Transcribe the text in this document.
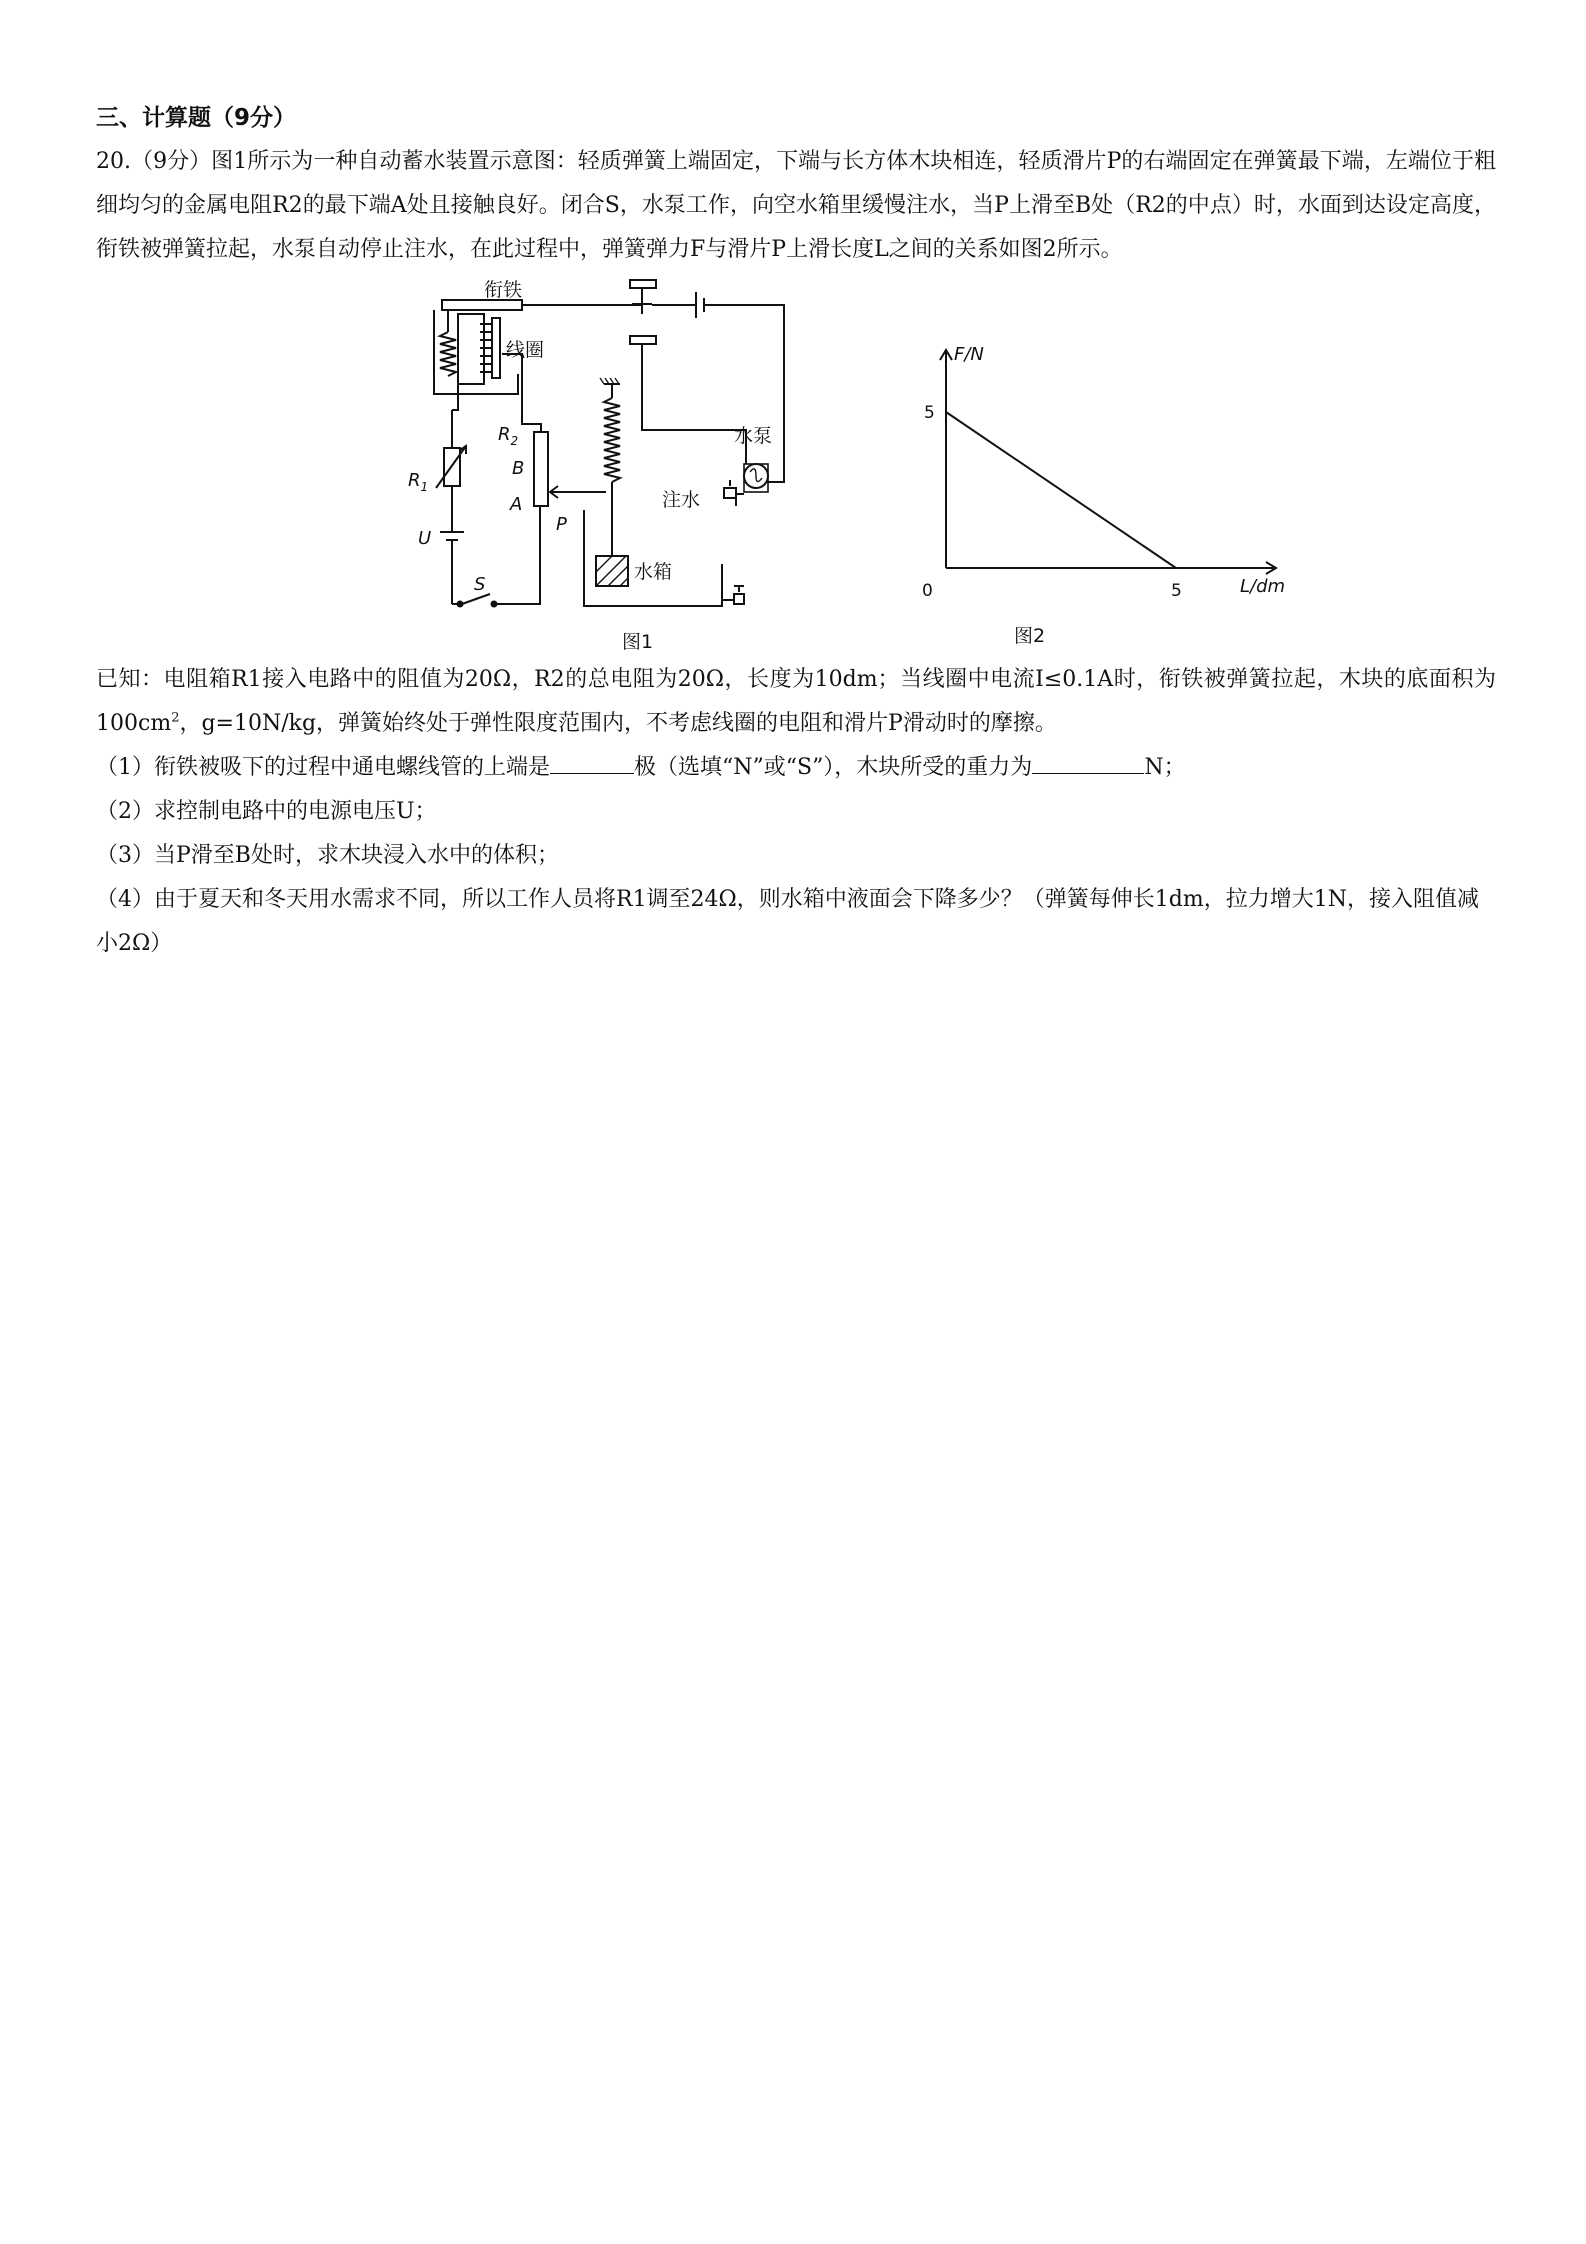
三、计算题（9分）

20.（9分）图1所示为一种自动蓄水装置示意图：轻质弹簧上端固定，下端与长方体木块相连，轻质滑片P的右端固定在弹簧最下端，左端位于粗细均匀的金属电阻R2的最下端A处且接触良好。闭合S，水泵工作，向空水箱里缓慢注水，当P上滑至B处（R2的中点）时，水面到达设定高度，衔铁被弹簧拉起，水泵自动停止注水，在此过程中，弹簧弹力F与滑片P上滑长度L之间的关系如图2所示。

衔铁
线圈
$R_2$
B
A
P
$R_1$
U
S
水泵
注水
水箱
图1
F/N
L/dm
5
0	5
图2

已知：电阻箱R1接入电路中的阻值为20Ω，R2的总电阻为20Ω，长度为10dm；当线圈中电流I≤0.1A时，衔铁被弹簧拉起，木块的底面积为$100cm^2$，g=10N/kg，弹簧始终处于弹性限度范围内，不考虑线圈的电阻和滑片P滑动时的摩擦。

（1）衔铁被吸下的过程中通电螺线管的上端是	极（选填“N”或“S”），木块所受的重力为	N；

（2）求控制电路中的电源电压U；

（3）当P滑至B处时，求木块浸入水中的体积；

（4）由于夏天和冬天用水需求不同，所以工作人员将R1调至24Ω，则水箱中液面会下降多少？（弹簧每伸长1dm，拉力增大1N，接入阻值减小2Ω）
